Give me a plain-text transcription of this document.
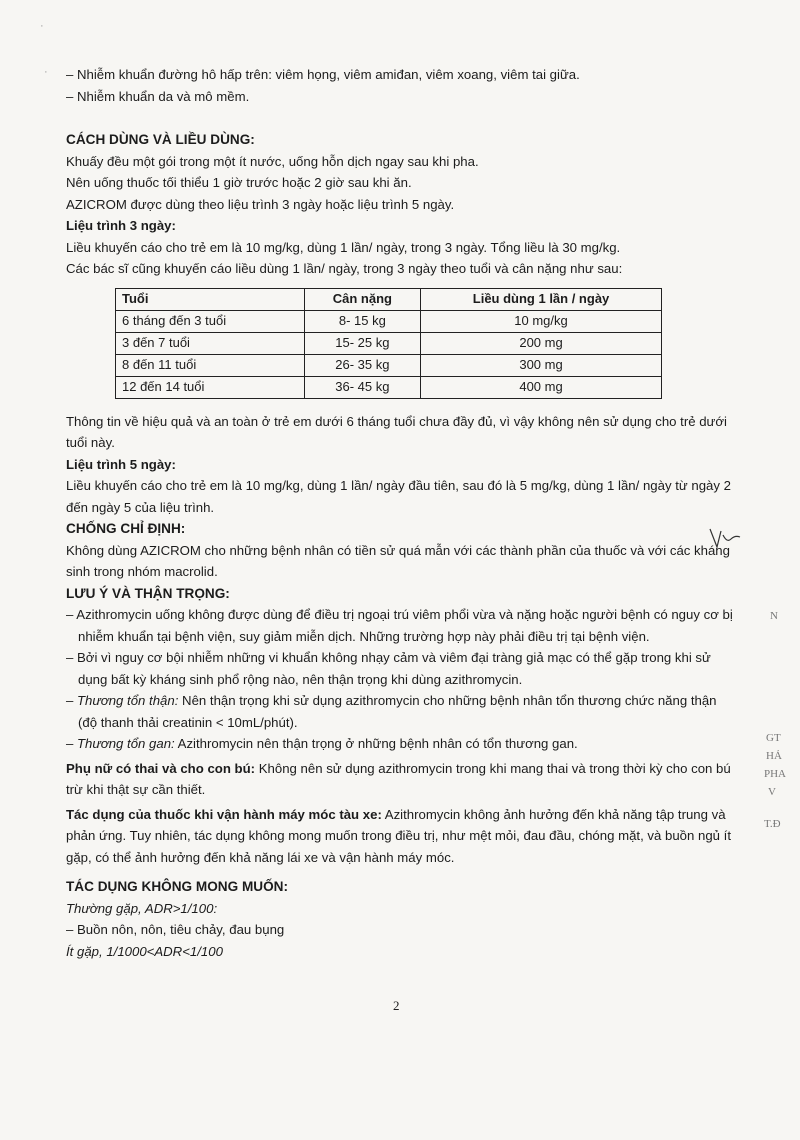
– Nhiễm khuẩn đường hô hấp trên: viêm họng, viêm amiđan, viêm xoang, viêm tai giữa.
– Nhiễm khuẩn da và mô mềm.
CÁCH DÙNG VÀ LIỀU DÙNG:
Khuấy đều một gói trong một ít nước, uống hỗn dịch ngay sau khi pha.
Nên uống thuốc tối thiểu 1 giờ trước hoặc 2 giờ sau khi ăn.
AZICROM được dùng theo liệu trình 3 ngày hoặc liệu trình 5 ngày.
Liệu trình 3 ngày:
Liều khuyến cáo cho trẻ em là 10 mg/kg, dùng 1 lần/ ngày, trong 3 ngày. Tổng liều là 30 mg/kg.
Các bác sĩ cũng khuyến cáo liều dùng 1 lần/ ngày, trong 3 ngày theo tuổi và cân nặng như sau:
Tuổi	Cân nặng	Liều dùng 1 lần / ngày
6 tháng đến 3 tuổi	8- 15 kg	10 mg/kg
3 đến 7 tuổi	15- 25 kg	200 mg
8 đến 11 tuổi	26- 35 kg	300 mg
12 đến 14 tuổi	36- 45 kg	400 mg
Thông tin về hiệu quả và an toàn ở trẻ em dưới 6 tháng tuổi chưa đầy đủ, vì vậy không nên sử dụng cho trẻ dưới tuổi này.
Liệu trình 5 ngày:
Liều khuyến cáo cho trẻ em là 10 mg/kg, dùng 1 lần/ ngày đầu tiên, sau đó là 5 mg/kg, dùng 1 lần/ ngày từ ngày 2 đến ngày 5 của liệu trình.
CHỐNG CHỈ ĐỊNH:
Không dùng AZICROM cho những bệnh nhân có tiền sử quá mẫn với các thành phần của thuốc và với các kháng sinh trong nhóm macrolid.
LƯU Ý VÀ THẬN TRỌNG:
– Azithromycin uống không được dùng để điều trị ngoại trú viêm phổi vừa và nặng hoặc người bệnh có nguy cơ bị nhiễm khuẩn tại bệnh viện, suy giảm miễn dịch. Những trường hợp này phải điều trị tại bệnh viện.
– Bởi vì nguy cơ bội nhiễm những vi khuẩn không nhạy cảm và viêm đại tràng giả mạc có thể gặp trong khi sử dụng bất kỳ kháng sinh phổ rộng nào, nên thận trọng khi dùng azithromycin.
– Thương tổn thận: Nên thận trọng khi sử dụng azithromycin cho những bệnh nhân tổn thương chức năng thận (độ thanh thải creatinin < 10mL/phút).
– Thương tổn gan: Azithromycin nên thận trọng ở những bệnh nhân có tổn thương gan.
Phụ nữ có thai và cho con bú: Không nên sử dụng azithromycin trong khi mang thai và trong thời kỳ cho con bú trừ khi thật sự cần thiết.
Tác dụng của thuốc khi vận hành máy móc tàu xe: Azithromycin không ảnh hưởng đến khả năng tập trung và phản ứng. Tuy nhiên, tác dụng không mong muốn trong điều trị, như mệt mỏi, đau đầu, chóng mặt, và buồn ngủ ít gặp, có thể ảnh hưởng đến khả năng lái xe và vận hành máy móc.
TÁC DỤNG KHÔNG MONG MUỐN:
Thường gặp, ADR>1/100:
– Buồn nôn, nôn, tiêu chảy, đau bụng
Ít gặp, 1/1000<ADR<1/100
2
N
GT
HẢ
PHA
V
T.Đ
·
·
